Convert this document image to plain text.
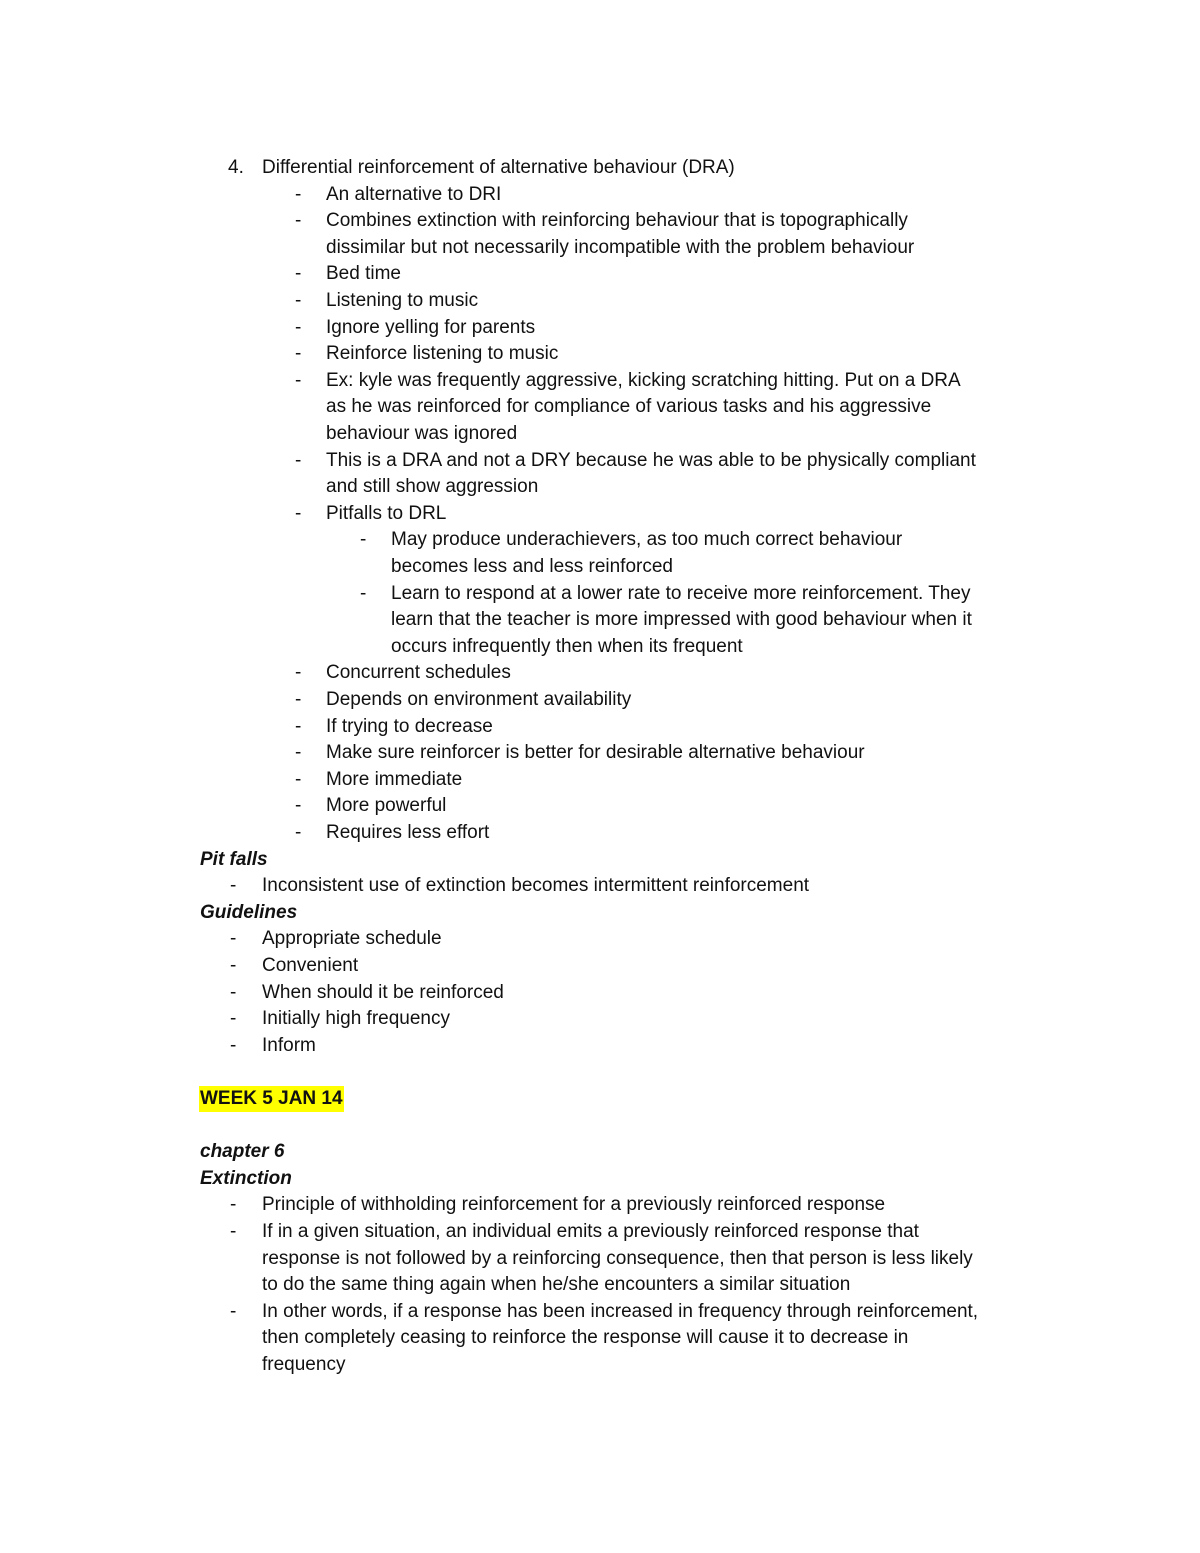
4. Differential reinforcement of alternative behaviour (DRA)
- An alternative to DRI
- Combines extinction with reinforcing behaviour that is topographically
dissimilar but not necessarily incompatible with the problem behaviour
- Bed time
- Listening to music
- Ignore yelling for parents
- Reinforce listening to music
- Ex: kyle was frequently aggressive, kicking scratching hitting. Put on a DRA
as he was reinforced for compliance of various tasks and his aggressive
behaviour was ignored
- This is a DRA and not a DRY because he was able to be physically compliant
and still show aggression
- Pitfalls to DRL
- May produce underachievers, as too much correct behaviour
becomes less and less reinforced
- Learn to respond at a lower rate to receive more reinforcement. They
learn that the teacher is more impressed with good behaviour when it
occurs infrequently then when its frequent
- Concurrent schedules
- Depends on environment availability
- If trying to decrease
- Make sure reinforcer is better for desirable alternative behaviour
- More immediate
- More powerful
- Requires less effort
Pit falls
- Inconsistent use of extinction becomes intermittent reinforcement
Guidelines
- Appropriate schedule
- Convenient
- When should it be reinforced
- Initially high frequency
- Inform
WEEK 5 JAN 14
chapter 6
Extinction
- Principle of withholding reinforcement for a previously reinforced response
- If in a given situation, an individual emits a previously reinforced response that
response is not followed by a reinforcing consequence, then that person is less likely
to do the same thing again when he/she encounters a similar situation
- In other words, if a response has been increased in frequency through reinforcement,
then completely ceasing to reinforce the response will cause it to decrease in
frequency
